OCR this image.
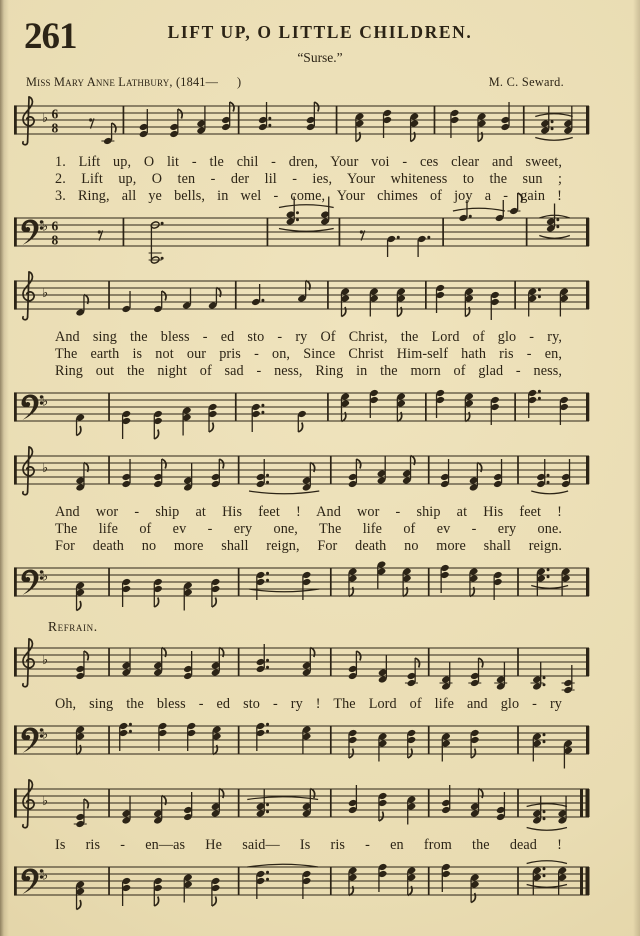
261	LIFT UP, O LITTLE CHILDREN.
“Surse.”
Miss Mary Anne Lathbury, (1841—  )	M. C. Seward.
♭ 6
8

1. Lift up, O lit - tle chil - dren, Your voi - ces clear and sweet,

2. Lift up, O ten - der lil - ies, Your whiteness to the sun ;

3. Ring, all ye bells, in wel - come, Your chimes of joy a - gain !

♭ 6
8
♭

And sing the bless - ed sto - ry Of Christ, the Lord of glo - ry,

The earth is not our pris - on, Since Christ Him-self hath ris - en,

Ring out the night of sad - ness, Ring in the morn of glad - ness,

♭
♭

And wor - ship at His feet ! And wor - ship at His feet !

The life of ev - ery one, The life of ev - ery one.

For death no more shall reign, For death no more shall reign.

♭
Refrain.
♭

Oh, sing the bless - ed sto - ry ! The Lord of life and glo - ry

♭
♭

Is ris - en—as He said— Is ris - en from the dead !

♭
